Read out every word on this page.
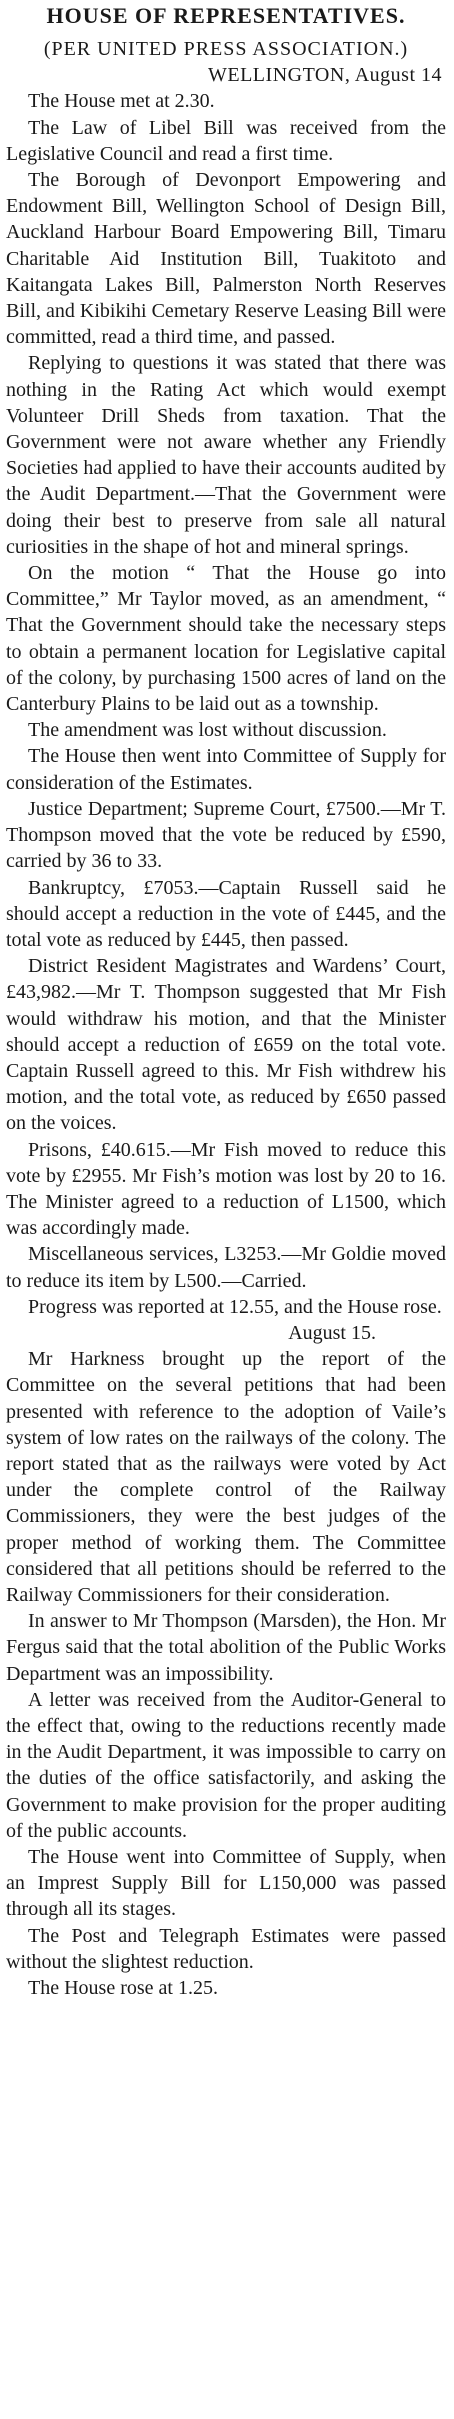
HOUSE OF REPRESENTATIVES.
(PER UNITED PRESS ASSOCIATION.)
WELLINGTON, August 14

The House met at 2.30.

The Law of Libel Bill was received from the Legislative Council and read a first time.

The Borough of Devonport Empowering and Endowment Bill, Wellington School of Design Bill, Auckland Harbour Board Empowering Bill, Timaru Charitable Aid Institution Bill, Tuakitoto and Kaitangata Lakes Bill, Palmerston North Reserves Bill, and Kibikihi Cemetary Reserve Leasing Bill were committed, read a third time, and passed.

Replying to questions it was stated that there was nothing in the Rating Act which would exempt Volunteer Drill Sheds from taxation. That the Government were not aware whether any Friendly Societies had applied to have their accounts audited by the Audit Department.—That the Government were doing their best to preserve from sale all natural curiosities in the shape of hot and mineral springs.

On the motion “ That the House go into Committee,” Mr Taylor moved, as an amendment, “ That the Government should take the necessary steps to obtain a permanent location for Legislative capital of the colony, by purchasing 1500 acres of land on the Canterbury Plains to be laid out as a township.

The amendment was lost without discussion.

The House then went into Committee of Supply for consideration of the Estimates.

Justice Department; Supreme Court, £7500.—Mr T. Thompson moved that the vote be reduced by £590, carried by 36 to 33.

Bankruptcy, £7053.—Captain Russell said he should accept a reduction in the vote of £445, and the total vote as reduced by £445, then passed.

District Resident Magistrates and Wardens’ Court, £43,982.—Mr T. Thompson suggested that Mr Fish would withdraw his motion, and that the Minister should accept a reduction of £659 on the total vote. Captain Russell agreed to this. Mr Fish withdrew his motion, and the total vote, as reduced by £650 passed on the voices.

Prisons, £40.615.—Mr Fish moved to reduce this vote by £2955. Mr Fish’s motion was lost by 20 to 16. The Minister agreed to a reduction of L1500, which was accordingly made.

Miscellaneous services, L3253.—Mr Goldie moved to reduce its item by L500.—Carried.

Progress was reported at 12.55, and the House rose.

August 15.

Mr Harkness brought up the report of the Committee on the several petitions that had been presented with reference to the adoption of Vaile’s system of low rates on the railways of the colony. The report stated that as the railways were voted by Act under the complete control of the Railway Commissioners, they were the best judges of the proper method of working them. The Committee considered that all petitions should be referred to the Railway Commissioners for their consideration.

In answer to Mr Thompson (Marsden), the Hon. Mr Fergus said that the total abolition of the Public Works Department was an impossibility.

A letter was received from the Auditor-General to the effect that, owing to the reductions recently made in the Audit Department, it was impossible to carry on the duties of the office satisfactorily, and asking the Government to make provision for the proper auditing of the public accounts.

The House went into Committee of Supply, when an Imprest Supply Bill for L150,000 was passed through all its stages.

The Post and Telegraph Estimates were passed without the slightest reduction.

The House rose at 1.25.
